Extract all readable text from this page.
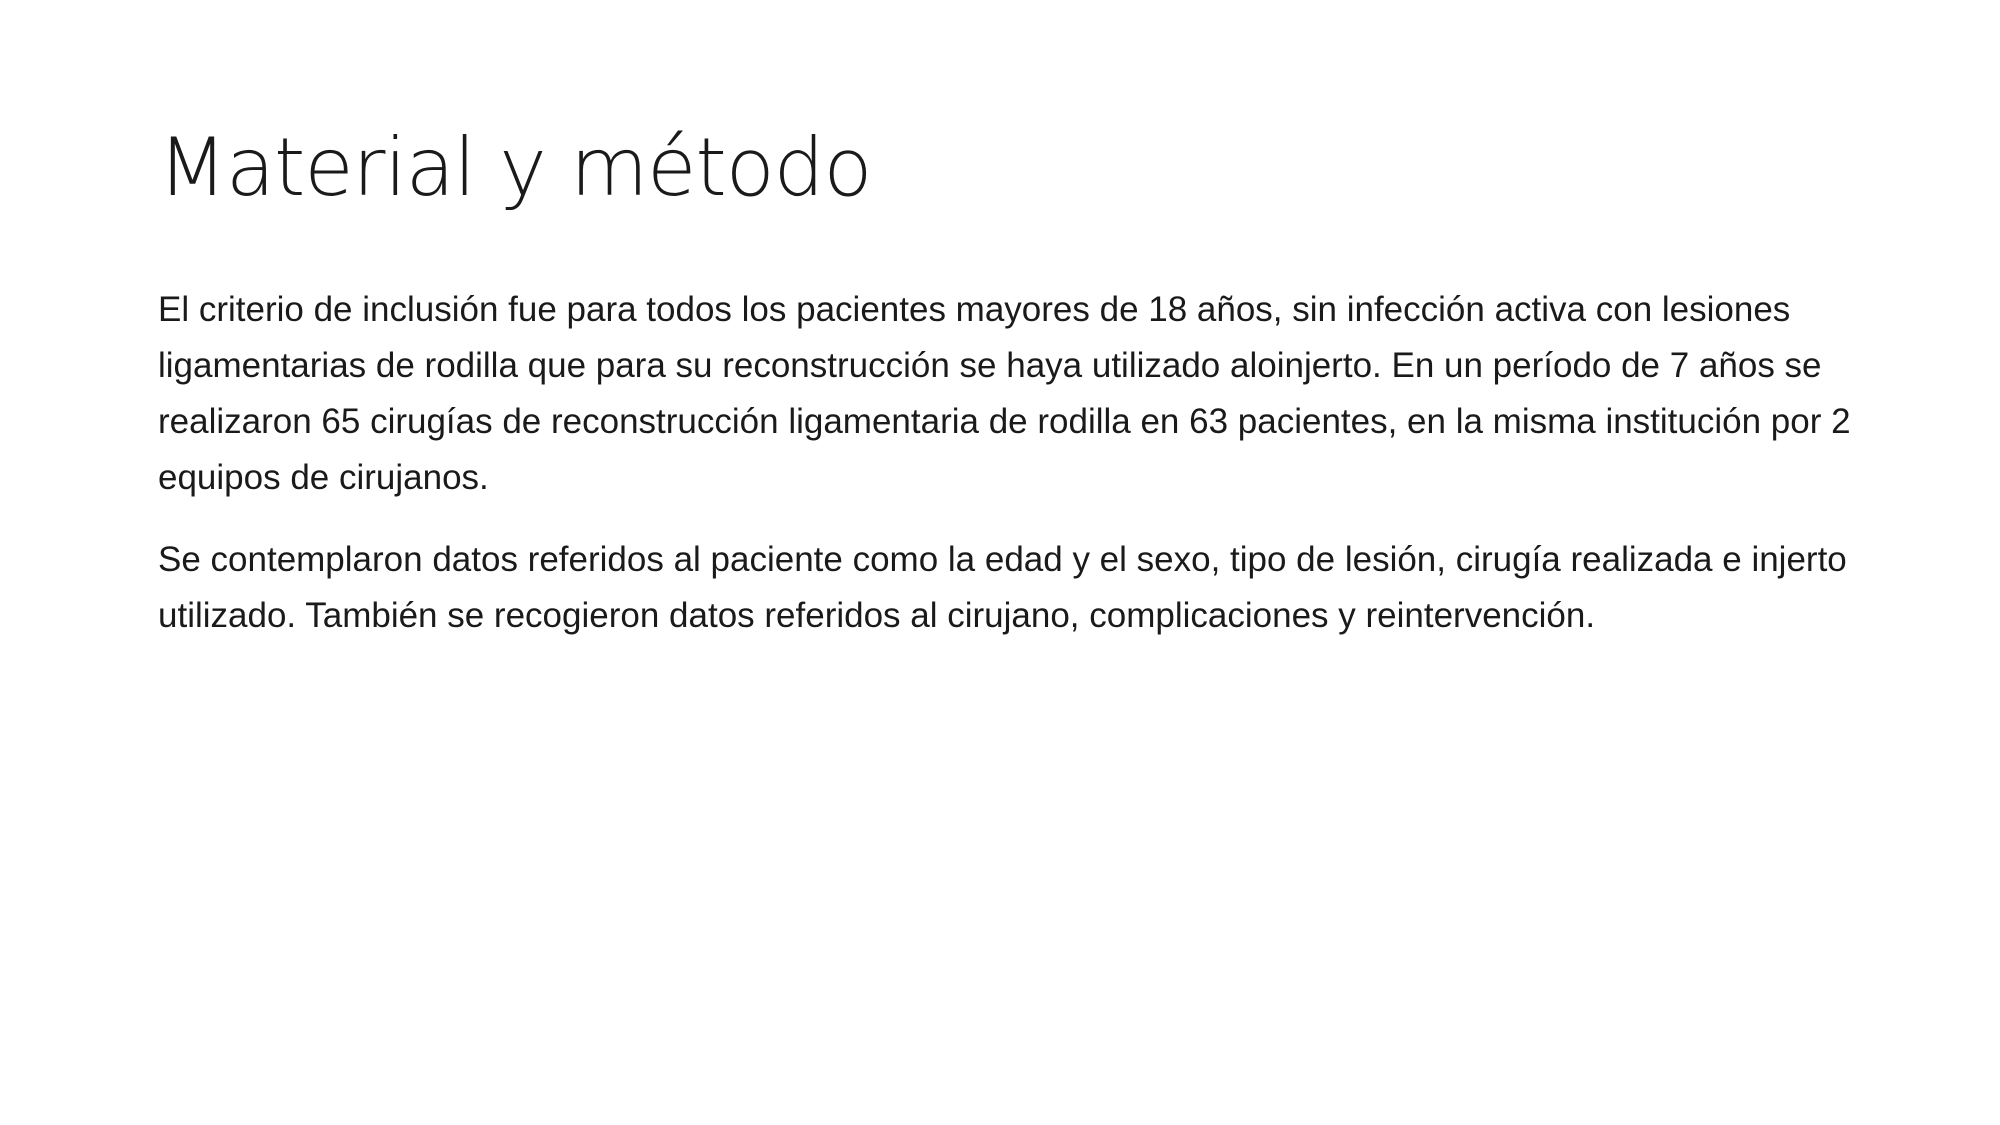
Material y método

El criterio de inclusión fue para todos los pacientes mayores de 18 años, sin infección activa con lesiones ligamentarias de rodilla que para su reconstrucción se haya utilizado aloinjerto. En un período de 7 años se realizaron 65 cirugías de reconstrucción ligamentaria de rodilla en 63 pacientes, en la misma institución por 2 equipos de cirujanos.

Se contemplaron datos referidos al paciente como la edad y el sexo, tipo de lesión, cirugía realizada e injerto utilizado. También se recogieron datos referidos al cirujano, complicaciones y reintervención.
